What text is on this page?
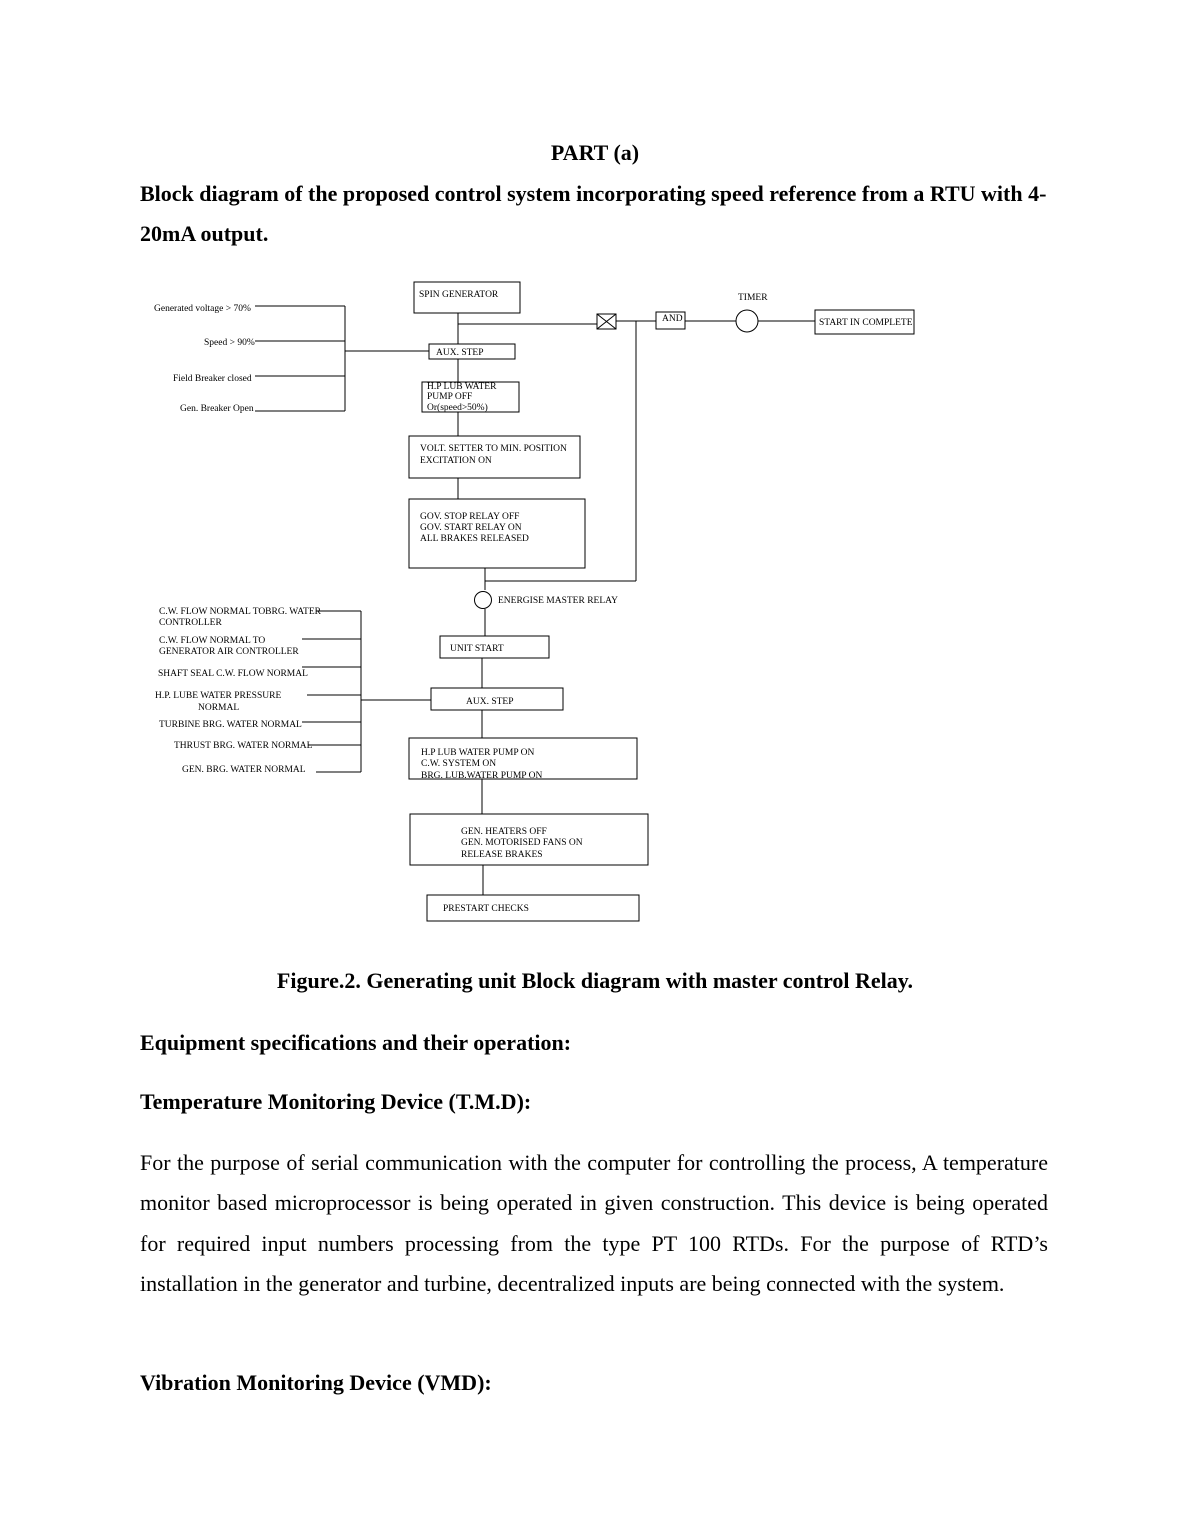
PART (a)
Block diagram of the proposed control system incorporating speed reference from a RTU with 4-20mA output.
Generated voltage > 70%
Speed > 90%
Field Breaker closed
Gen. Breaker Open
SPIN GENERATOR
AUX. STEP
H.P LUB WATER
PUMP OFF
Or(speed>50%)
VOLT. SETTER TO MIN. POSITION
EXCITATION ON
GOV. STOP RELAY OFF
GOV. START RELAY ON
ALL BRAKES RELEASED
AND
TIMER
START IN COMPLETE
ENERGISE MASTER RELAY
UNIT START
C.W. FLOW NORMAL TOBRG. WATER
CONTROLLER
C.W. FLOW NORMAL TO
GENERATOR AIR CONTROLLER
SHAFT SEAL C.W. FLOW NORMAL
H.P. LUBE WATER PRESSURE
NORMAL
TURBINE BRG. WATER NORMAL
THRUST BRG. WATER NORMAL
GEN. BRG. WATER NORMAL
AUX. STEP
H.P LUB WATER PUMP ON
C.W. SYSTEM ON
BRG. LUB.WATER PUMP ON
GEN. HEATERS OFF
GEN. MOTORISED FANS ON
RELEASE BRAKES
PRESTART CHECKS
Figure.2. Generating unit Block diagram with master control Relay.
Equipment specifications and their operation:
Temperature Monitoring Device (T.M.D):
For the purpose of serial communication with the computer for controlling the process, A temperature monitor based microprocessor is being operated in given construction. This device is being operated for required input numbers processing from the type PT 100 RTDs. For the purpose of RTD’s installation in the generator and turbine, decentralized inputs are being connected with the system.
Vibration Monitoring Device (VMD):
